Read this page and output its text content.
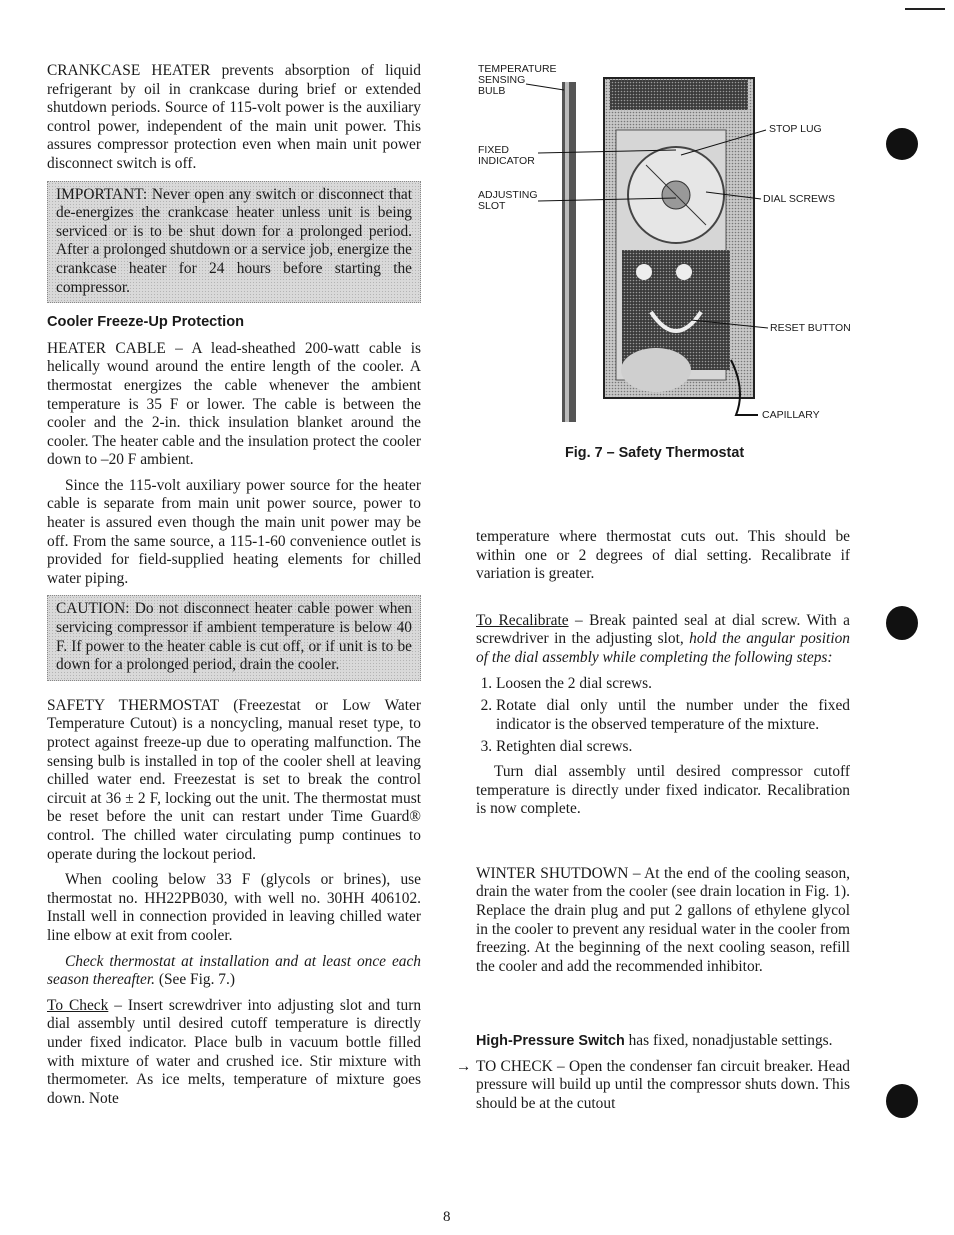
CRANKCASE HEATER prevents absorption of liquid refrigerant by oil in crankcase during brief or extended shutdown periods. Source of 115-volt power is the auxiliary control power, independent of the main unit power. This assures compressor protection even when main unit power disconnect switch is off.

IMPORTANT: Never open any switch or disconnect that de-energizes the crankcase heater unless unit is being serviced or is to be shut down for a prolonged period. After a prolonged shutdown or a service job, energize the crankcase heater for 24 hours before starting the compressor.
Cooler Freeze-Up Protection

HEATER CABLE – A lead-sheathed 200-watt cable is helically wound around the entire length of the cooler. A thermostat energizes the cable whenever the ambient temperature is 35 F or lower. The cable is between the cooler and the 2-in. thick insulation blanket around the cooler. The heater cable and the insulation protect the cooler down to –20 F ambient.

Since the 115-volt auxiliary power source for the heater cable is separate from main unit power source, power to heater is assured even though the main unit power may be off. From the same source, a 115-1-60 convenience outlet is provided for field-supplied heating elements for chilled water piping.

CAUTION: Do not disconnect heater cable power when servicing compressor if ambient temperature is below 40 F. If power to the heater cable is cut off, or if unit is to be down for a prolonged period, drain the cooler.

SAFETY THERMOSTAT (Freezestat or Low Water Temperature Cutout) is a noncycling, manual reset type, to protect against freeze-up due to operating malfunction. The sensing bulb is installed in top of the cooler shell at leaving chilled water end. Freezestat is set to break the control circuit at 36 ± 2 F, locking out the unit. The thermostat must be reset before the unit can restart under Time Guard® control. The chilled water circulating pump continues to operate during the lockout period.

When cooling below 33 F (glycols or brines), use thermostat no. HH22PB030, with well no. 30HH 406102. Install well in connection provided in leaving chilled water line elbow at exit from cooler.

Check thermostat at installation and at least once each season thereafter. (See Fig. 7.)

To Check – Insert screwdriver into adjusting slot and turn dial assembly until desired cutoff temperature is directly under fixed indicator. Place bulb in vacuum bottle filled with mixture of water and crushed ice. Stir mixture with thermometer. As ice melts, temperature of mixture goes down. Note

TEMPERATURE
SENSING
BULB
FIXED
INDICATOR
ADJUSTING
SLOT
STOP LUG
DIAL SCREWS
RESET BUTTON
CAPILLARY
Fig. 7 – Safety Thermostat

temperature where thermostat cuts out. This should be within one or 2 degrees of dial setting. Recalibrate if variation is greater.

To Recalibrate – Break painted seal at dial screw. With a screwdriver in the adjusting slot, hold the angular position of the dial assembly while completing the following steps:

1. Loosen the 2 dial screws.
2. Rotate dial only until the number under the fixed indicator is the observed temperature of the mixture.
3. Retighten dial screws.

Turn dial assembly until desired compressor cutoff temperature is directly under fixed indicator. Recalibration is now complete.

WINTER SHUTDOWN – At the end of the cooling season, drain the water from the cooler (see drain location in Fig. 1). Replace the drain plug and put 2 gallons of ethylene glycol in the cooler to prevent any residual water in the cooler from freezing. At the beginning of the next cooling season, refill the cooler and add the recommended inhibitor.

High-Pressure Switch has fixed, nonadjustable settings.

→ TO CHECK – Open the condenser fan circuit breaker. Head pressure will build up until the compressor shuts down. This should be at the cutout

8
